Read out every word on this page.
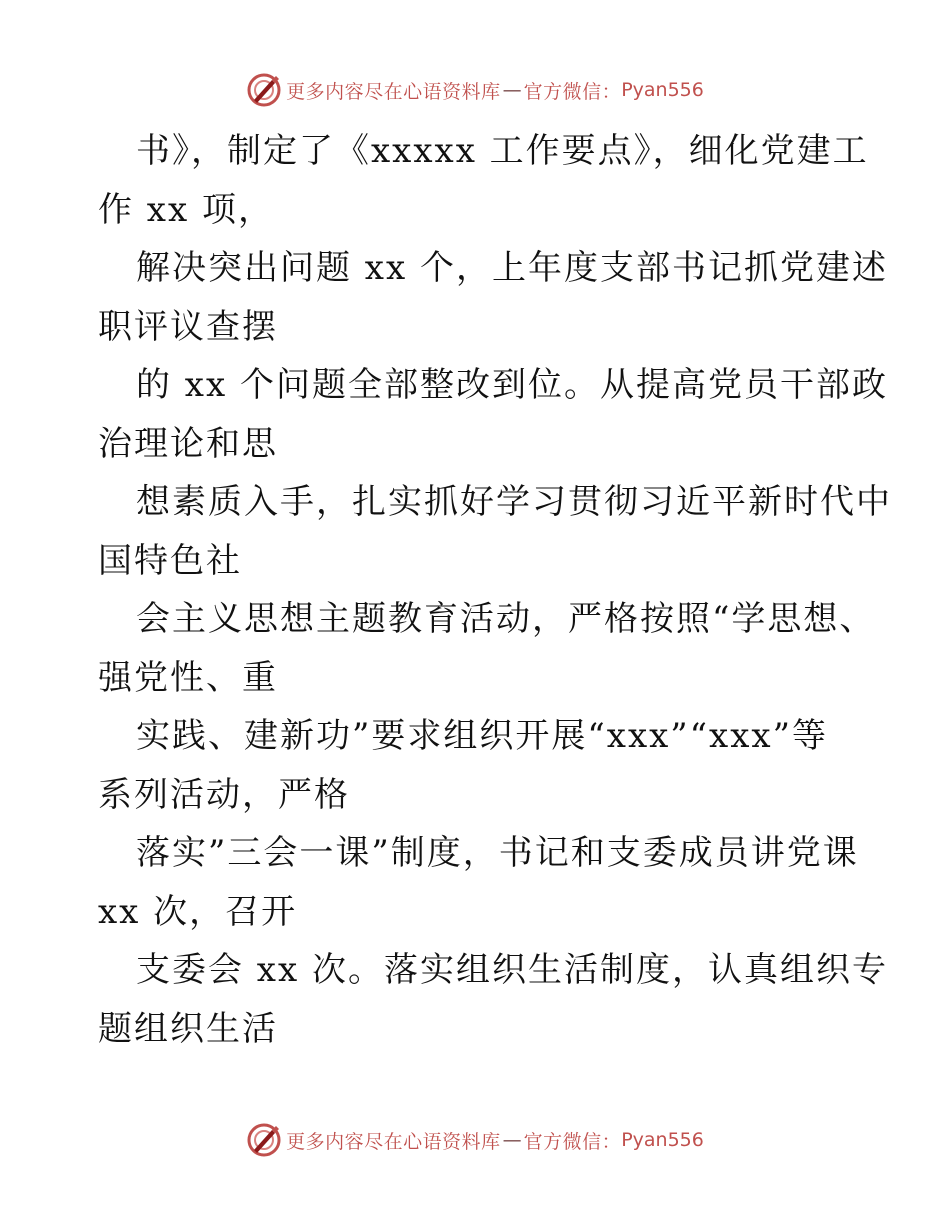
更多内容尽在心语资料库 — 官方微信： Pyan556
书》，制定了《xxxxx 工作要点》，细化党建工
作 xx 项，
解决突出问题 xx 个，上年度支部书记抓党建述
职评议查摆
的 xx 个问题全部整改到位。从提高党员干部政
治理论和思
想素质入手，扎实抓好学习贯彻习近平新时代中
国特色社
会主义思想主题教育活动，严格按照“学思想、
强党性、重
实践、建新功”要求组织开展“xxx”“xxx”等
系列活动，严格
落实”三会一课”制度，书记和支委成员讲党课
xx 次，召开
支委会 xx 次。落实组织生活制度，认真组织专
题组织生活
更多内容尽在心语资料库 — 官方微信： Pyan556
